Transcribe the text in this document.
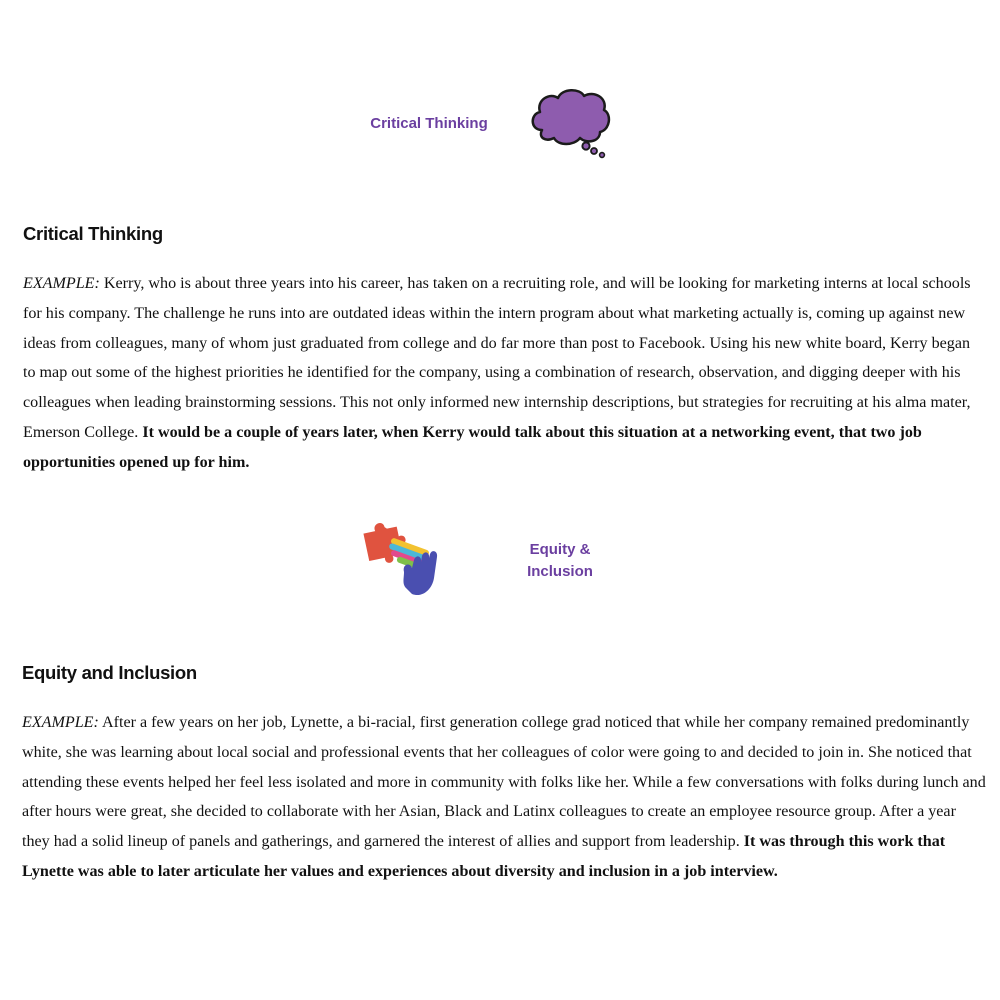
Critical Thinking
Critical Thinking

EXAMPLE: Kerry, who is about three years into his career, has taken on a recruiting role, and will be looking for marketing interns at local schools for his company. The challenge he runs into are outdated ideas within the intern program about what marketing actually is, coming up against new ideas from colleagues, many of whom just graduated from college and do far more than post to Facebook. Using his new white board, Kerry began to map out some of the highest priorities he identified for the company, using a combination of research, observation, and digging deeper with his colleagues when leading brainstorming sessions. This not only informed new internship descriptions, but strategies for recruiting at his alma mater, Emerson College. It would be a couple of years later, when Kerry would talk about this situation at a networking event, that two job opportunities opened up for him.

Equity &
Inclusion
Equity and Inclusion

EXAMPLE: After a few years on her job, Lynette, a bi-racial, first generation college grad noticed that while her company remained predominantly white, she was learning about local social and professional events that her colleagues of color were going to and decided to join in. She noticed that attending these events helped her feel less isolated and more in community with folks like her. While a few conversations with folks during lunch and after hours were great, she decided to collaborate with her Asian, Black and Latinx colleagues to create an employee resource group. After a year they had a solid lineup of panels and gatherings, and garnered the interest of allies and support from leadership. It was through this work that Lynette was able to later articulate her values and experiences about diversity and inclusion in a job interview.
